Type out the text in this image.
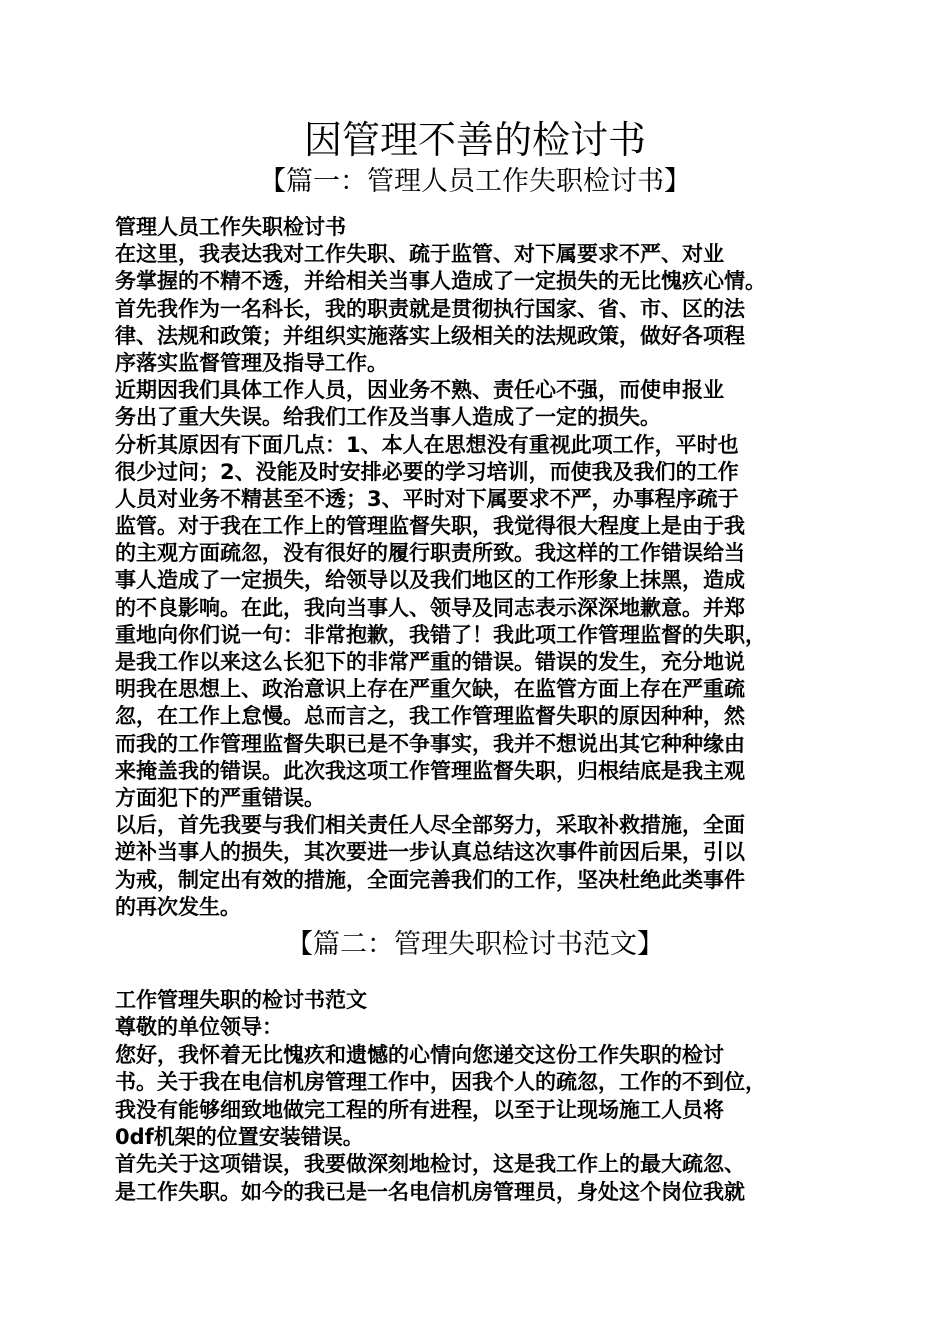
因管理不善的检讨书
【篇一：管理人员工作失职检讨书】
管理人员工作失职检讨书
在这里，我表达我对工作失职、疏于监管、对下属要求不严、对业
务掌握的不精不透，并给相关当事人造成了一定损失的无比愧疚心情。
首先我作为一名科长，我的职责就是贯彻执行国家、省、市、区的法
律、法规和政策；并组织实施落实上级相关的法规政策，做好各项程
序落实监督管理及指导工作。
近期因我们具体工作人员，因业务不熟、责任心不强，而使申报业
务出了重大失误。给我们工作及当事人造成了一定的损失。
分析其原因有下面几点：1、本人在思想没有重视此项工作，平时也
很少过问；2、没能及时安排必要的学习培训，而使我及我们的工作
人员对业务不精甚至不透；3、平时对下属要求不严，办事程序疏于
监管。对于我在工作上的管理监督失职，我觉得很大程度上是由于我
的主观方面疏忽，没有很好的履行职责所致。我这样的工作错误给当
事人造成了一定损失，给领导以及我们地区的工作形象上抹黑，造成
的不良影响。在此，我向当事人、领导及同志表示深深地歉意。并郑
重地向你们说一句：非常抱歉，我错了！我此项工作管理监督的失职，
是我工作以来这么长犯下的非常严重的错误。错误的发生，充分地说
明我在思想上、政治意识上存在严重欠缺，在监管方面上存在严重疏
忽，在工作上怠慢。总而言之，我工作管理监督失职的原因种种，然
而我的工作管理监督失职已是不争事实，我并不想说出其它种种缘由
来掩盖我的错误。此次我这项工作管理监督失职，归根结底是我主观
方面犯下的严重错误。
以后，首先我要与我们相关责任人尽全部努力，采取补救措施，全面
逆补当事人的损失，其次要进一步认真总结这次事件前因后果，引以
为戒，制定出有效的措施，全面完善我们的工作，坚决杜绝此类事件
的再次发生。
【篇二：管理失职检讨书范文】
工作管理失职的检讨书范文
尊敬的单位领导：
您好，我怀着无比愧疚和遗憾的心情向您递交这份工作失职的检讨
书。关于我在电信机房管理工作中，因我个人的疏忽，工作的不到位，
我没有能够细致地做完工程的所有进程，以至于让现场施工人员将
0df机架的位置安装错误。
首先关于这项错误，我要做深刻地检讨，这是我工作上的最大疏忽、
是工作失职。如今的我已是一名电信机房管理员，身处这个岗位我就
